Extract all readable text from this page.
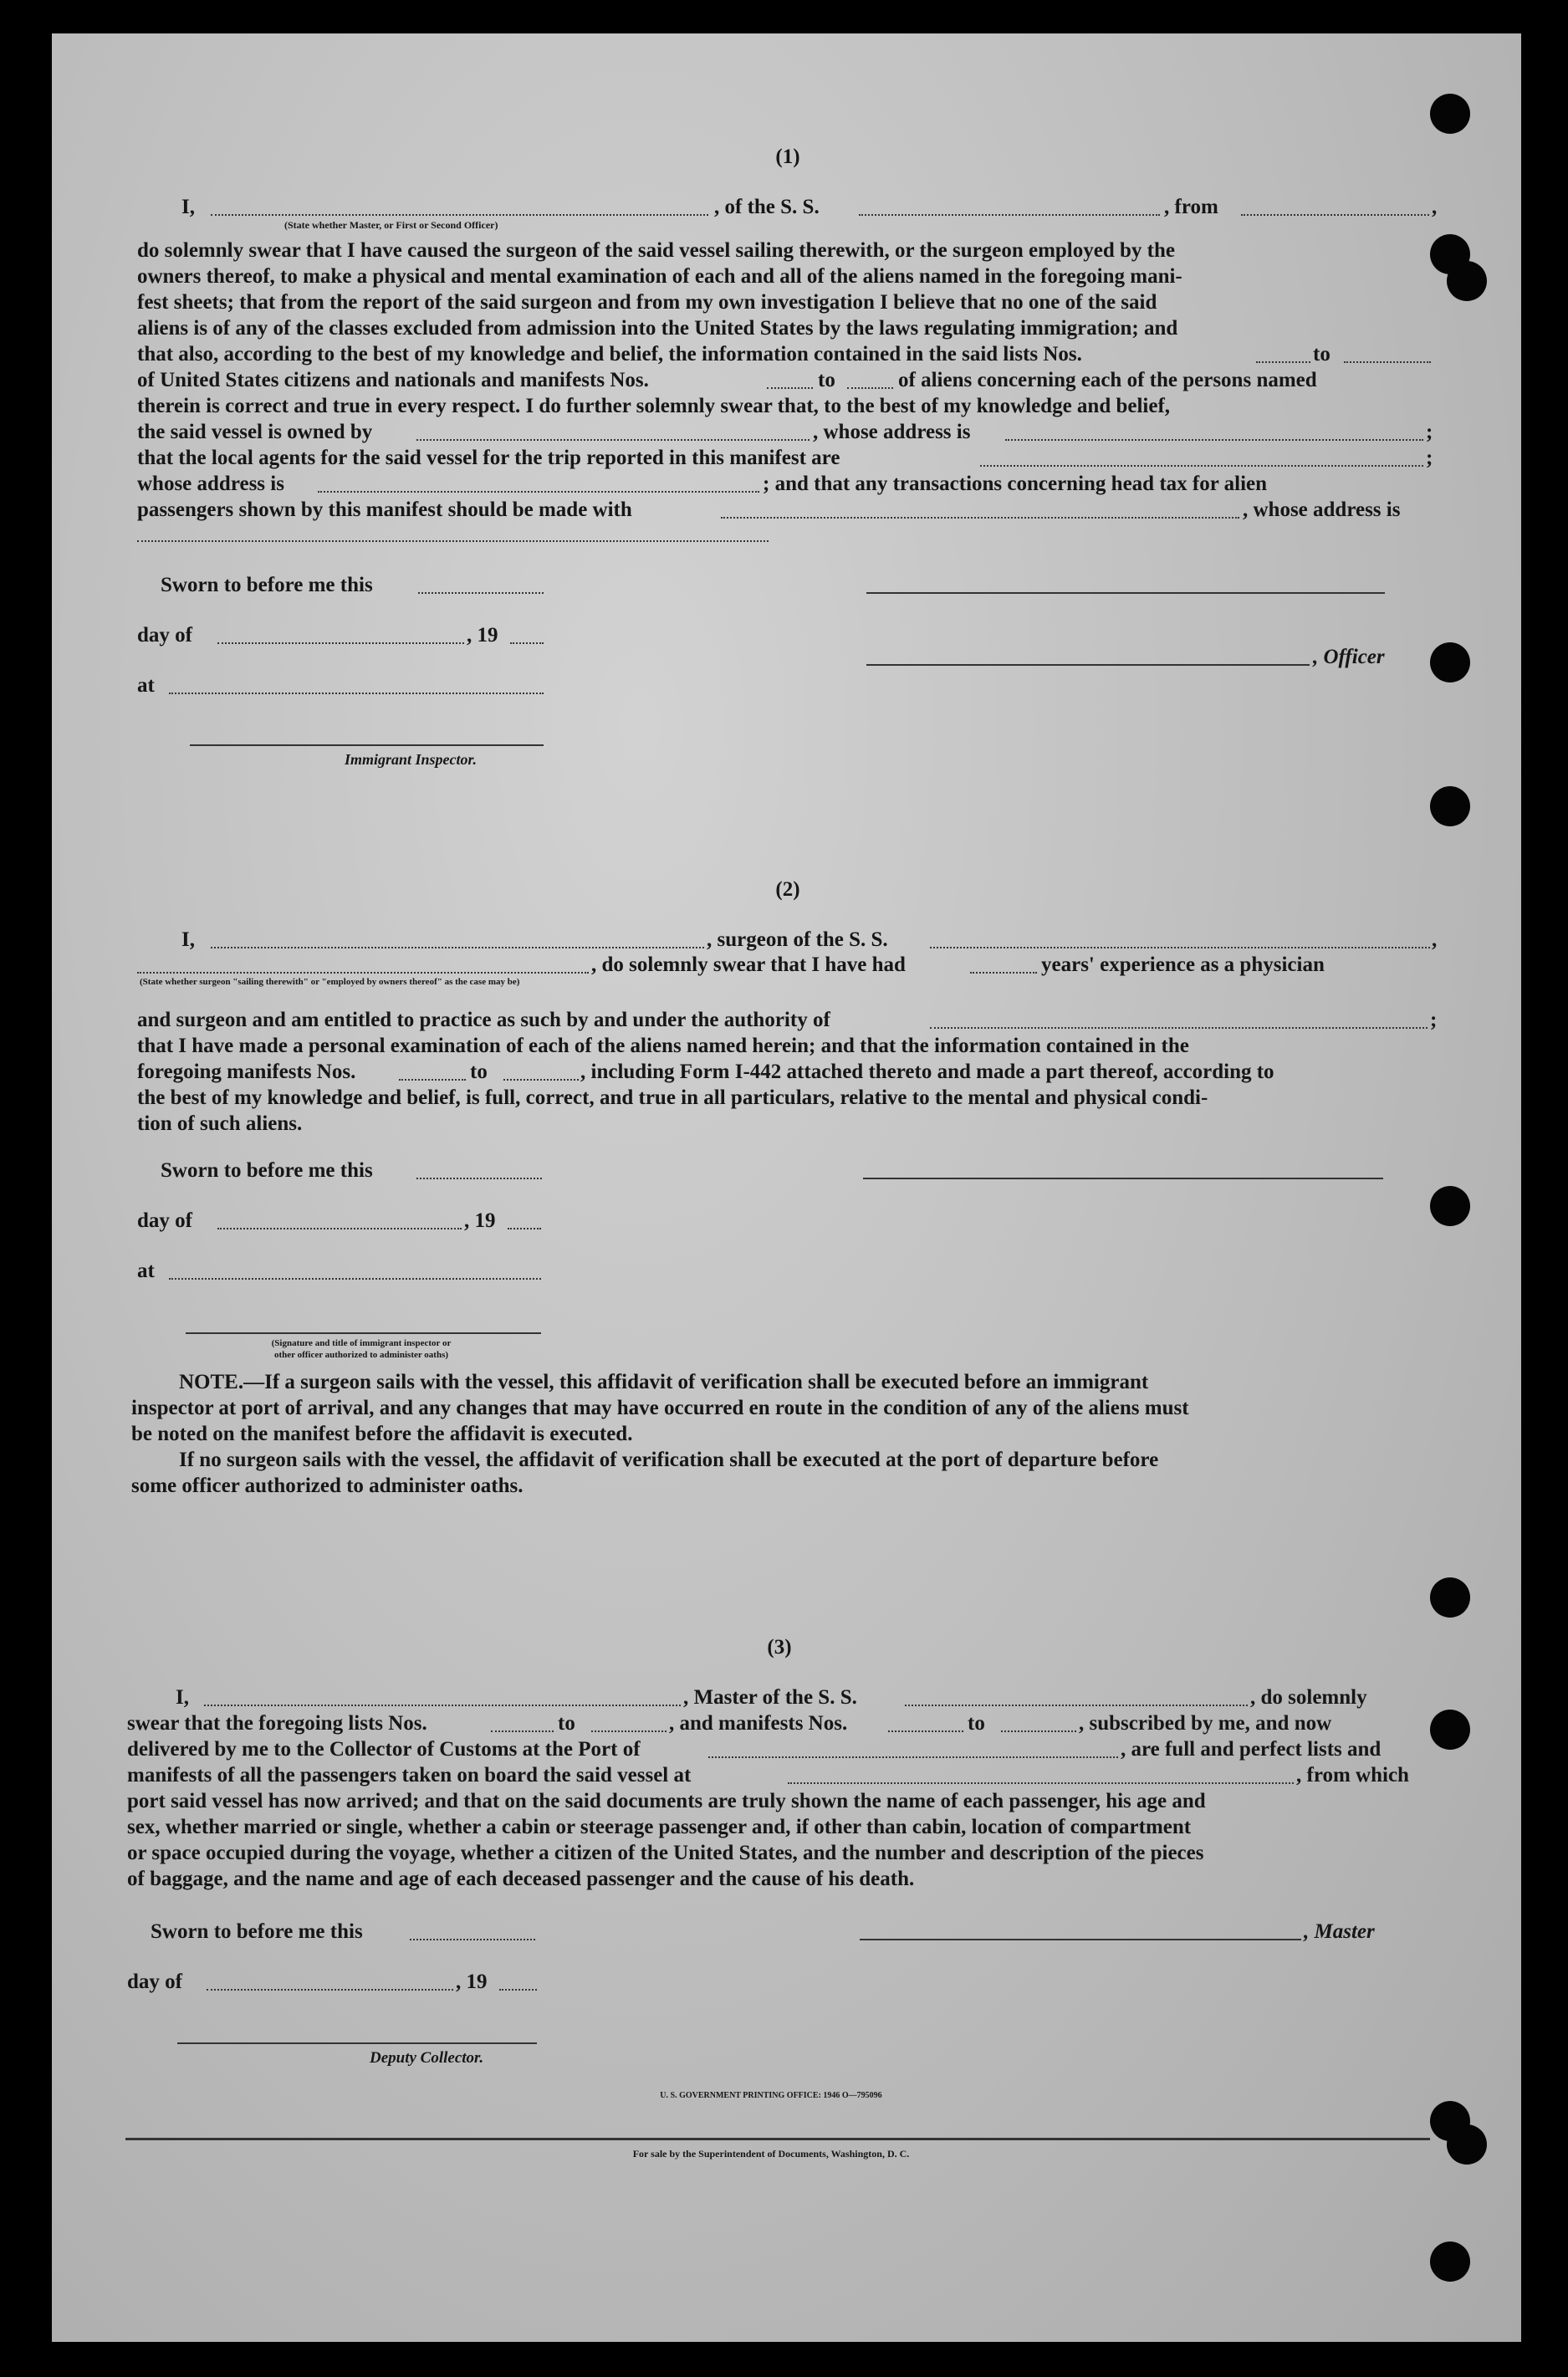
(1)
I,	, of the S. S.	, from	,
(State whether Master, or First or Second Officer)
do solemnly swear that I have caused the surgeon of the said vessel sailing therewith, or the surgeon employed by the
owners thereof, to make a physical and mental examination of each and all of the aliens named in the foregoing mani-
fest sheets; that from the report of the said surgeon and from my own investigation I believe that no one of the said
aliens is of any of the classes excluded from admission into the United States by the laws regulating immigration; and
that also, according to the best of my knowledge and belief, the information contained in the said lists Nos.	to
of United States citizens and nationals and manifests Nos.	to	of aliens concerning each of the persons named
therein is correct and true in every respect. I do further solemnly swear that, to the best of my knowledge and belief,
the said vessel is owned by	, whose address is	;
that the local agents for the said vessel for the trip reported in this manifest are	;
whose address is	; and that any transactions concerning head tax for alien
passengers shown by this manifest should be made with	, whose address is
Sworn to before me this
day of	, 19
, Officer
at
Immigrant Inspector.
(2)
I,	, surgeon of the S. S.	,
, do solemnly swear that I have had	years' experience as a physician
(State whether surgeon "sailing therewith" or "employed by owners thereof" as the case may be)
and surgeon and am entitled to practice as such by and under the authority of	;
that I have made a personal examination of each of the aliens named herein; and that the information contained in the
foregoing manifests Nos.	to	, including Form I-442 attached thereto and made a part thereof, according to
the best of my knowledge and belief, is full, correct, and true in all particulars, relative to the mental and physical condi-
tion of such aliens.
Sworn to before me this
day of	, 19
at
(Signature and title of immigrant inspector or
other officer authorized to administer oaths)
NOTE.—If a surgeon sails with the vessel, this affidavit of verification shall be executed before an immigrant
inspector at port of arrival, and any changes that may have occurred en route in the condition of any of the aliens must
be noted on the manifest before the affidavit is executed.
If no surgeon sails with the vessel, the affidavit of verification shall be executed at the port of departure before
some officer authorized to administer oaths.
(3)
I,	, Master of the S. S.	, do solemnly
swear that the foregoing lists Nos.	to	, and manifests Nos.	to	, subscribed by me, and now
delivered by me to the Collector of Customs at the Port of	, are full and perfect lists and
manifests of all the passengers taken on board the said vessel at	, from which
port said vessel has now arrived; and that on the said documents are truly shown the name of each passenger, his age and
sex, whether married or single, whether a cabin or steerage passenger and, if other than cabin, location of compartment
or space occupied during the voyage, whether a citizen of the United States, and the number and description of the pieces
of baggage, and the name and age of each deceased passenger and the cause of his death.
Sworn to before me this	, Master
day of	, 19
Deputy Collector.
U. S. GOVERNMENT PRINTING OFFICE: 1946 O—795096
For sale by the Superintendent of Documents, Washington, D. C.
